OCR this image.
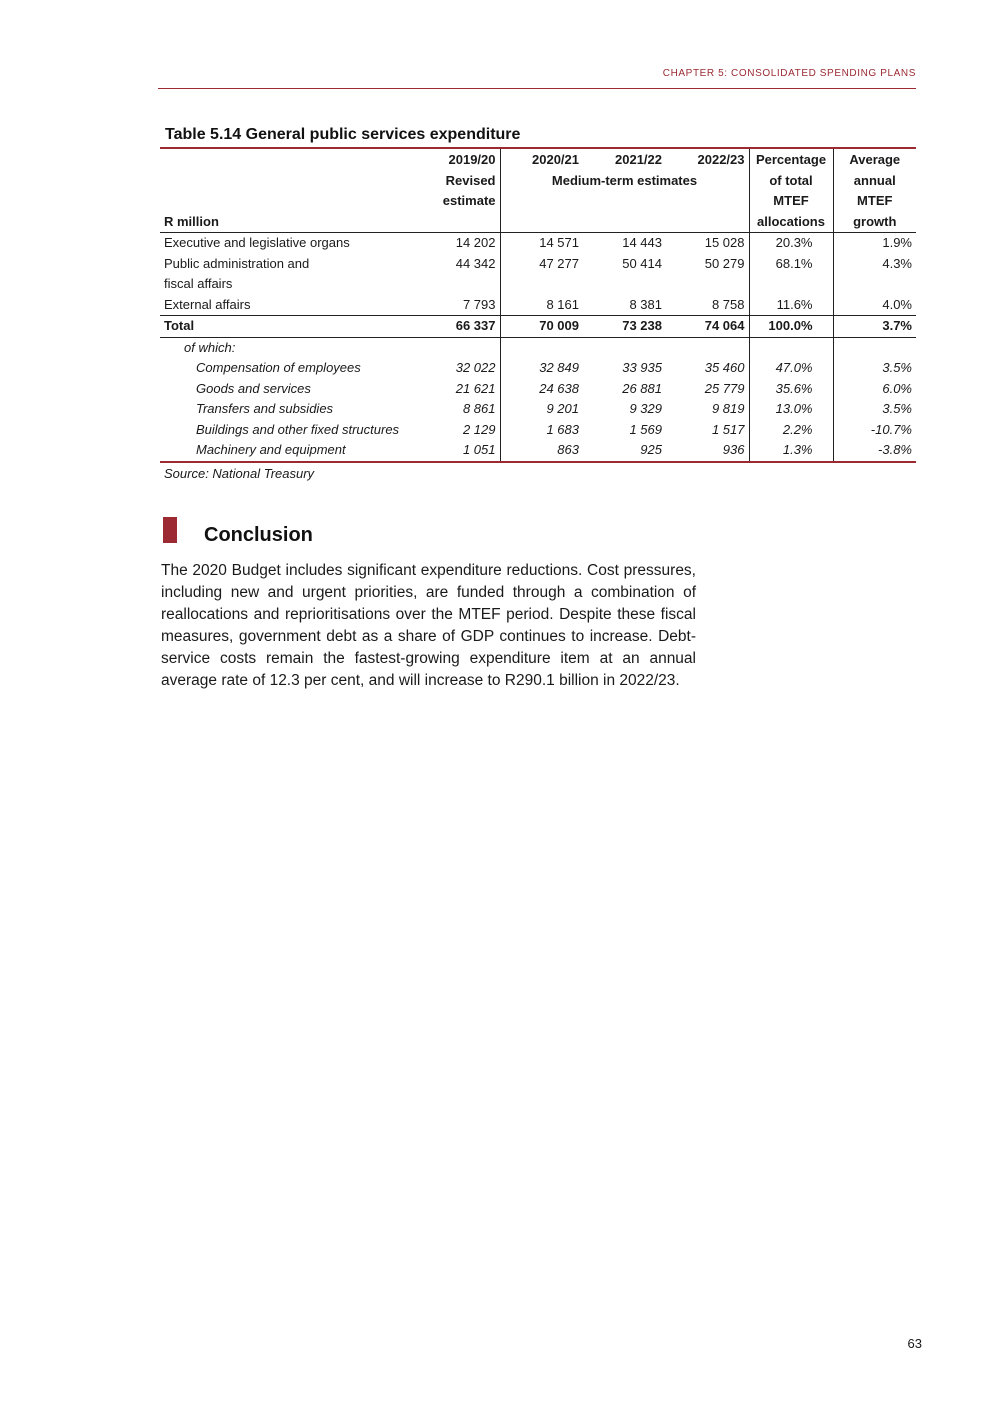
CHAPTER 5: CONSOLIDATED SPENDING PLANS
Table 5.14 General public services expenditure
	2019/20	2020/21	2021/22	2022/23	Percentage	Average
	Revised	Medium-term estimates			of total	annual
	estimate				MTEF	MTEF
R million					allocations	growth
Executive and legislative organs	14 202	14 571	14 443	15 028	20.3%	1.9%
Public administration and	44 342	47 277	50 414	50 279	68.1%	4.3%
fiscal affairs						
External affairs	7 793	8 161	8 381	8 758	11.6%	4.0%
Total	66 337	70 009	73 238	74 064	100.0%	3.7%
of which:						
Compensation of employees	32 022	32 849	33 935	35 460	47.0%	3.5%
Goods and services	21 621	24 638	26 881	25 779	35.6%	6.0%
Transfers and subsidies	8 861	9 201	9 329	9 819	13.0%	3.5%
Buildings and other fixed structures	2 129	1 683	1 569	1 517	2.2%	-10.7%
Machinery and equipment	1 051	863	925	936	1.3%	-3.8%
Source: National Treasury
Conclusion

The 2020 Budget includes significant expenditure reductions. Cost pressures, including new and urgent priorities, are funded through a combination of reallocations and reprioritisations over the MTEF period. Despite these fiscal measures, government debt as a share of GDP continues to increase. Debt-service costs remain the fastest-growing expenditure item at an annual average rate of 12.3 per cent, and will increase to R290.1 billion in 2022/23.

63
